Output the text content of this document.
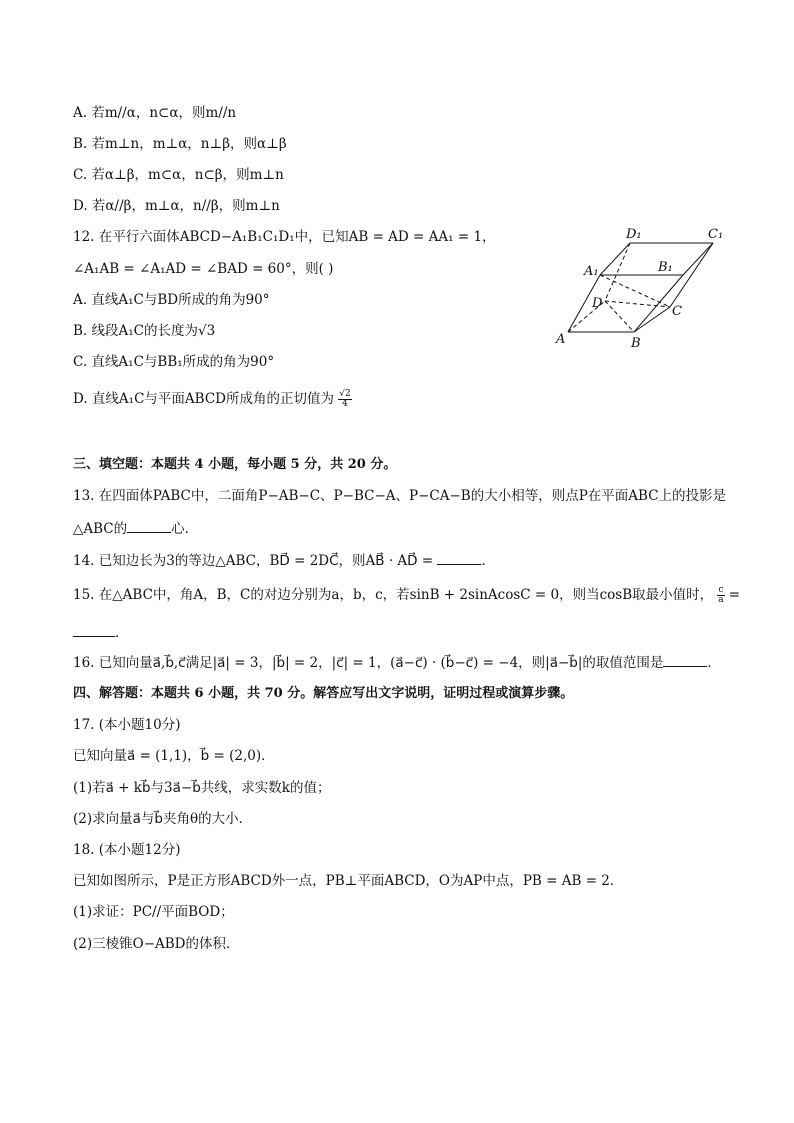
A. 若m//α，n⊂α，则m//n
B. 若m⊥n，m⊥α，n⊥β，则α⊥β
C. 若α⊥β，m⊂α，n⊂β，则m⊥n
D. 若α//β，m⊥α，n//β，则m⊥n
12. 在平行六面体ABCD−A₁B₁C₁D₁中，已知AB = AD = AA₁ = 1，
∠A₁AB = ∠A₁AD = ∠BAD = 60°，则( )
A. 直线A₁C与BD所成的角为90°
B. 线段A₁C的长度为√3
C. 直线A₁C与BB₁所成的角为90°
D. 直线A₁C与平面ABCD所成角的正切值为 $\frac{√2}{4}$
D₁	C₁
A₁	B₁
D
C
A	B
三、填空题：本题共 4 小题，每小题 5 分，共 20 分。
13. 在四面体PABC中，二面角P−AB−C、P−BC−A、P−CA−B的大小相等，则点P在平面ABC上的投影是
△ABC的	心．
14. 已知边长为3的等边△ABC，BD⃗ = 2DC⃗，则AB⃗ · AD⃗ =	．
15. 在△ABC中，角A，B，C的对边分别为a，b，c，若sinB + 2sinAcosC = 0，则当cosB取最小值时， $\frac{c}{a}$ =
．
16. 已知向量a⃗,b⃗,c⃗满足|a⃗| = 3，|b⃗| = 2，|c⃗| = 1，(a⃗−c⃗) · (b⃗−c⃗) = −4，则|a⃗−b⃗|的取值范围是	．
四、解答题：本题共 6 小题，共 70 分。解答应写出文字说明，证明过程或演算步骤。
17. (本小题10分)
已知向量a⃗ = (1,1)，b⃗ = (2,0)．
(1)若a⃗ + kb⃗与3a⃗−b⃗共线，求实数k的值；
(2)求向量a⃗与b⃗夹角θ的大小．
18. (本小题12分)
已知如图所示，P是正方形ABCD外一点，PB⊥平面ABCD，O为AP中点，PB = AB = 2．
(1)求证：PC//平面BOD；
(2)三棱锥O−ABD的体积．
